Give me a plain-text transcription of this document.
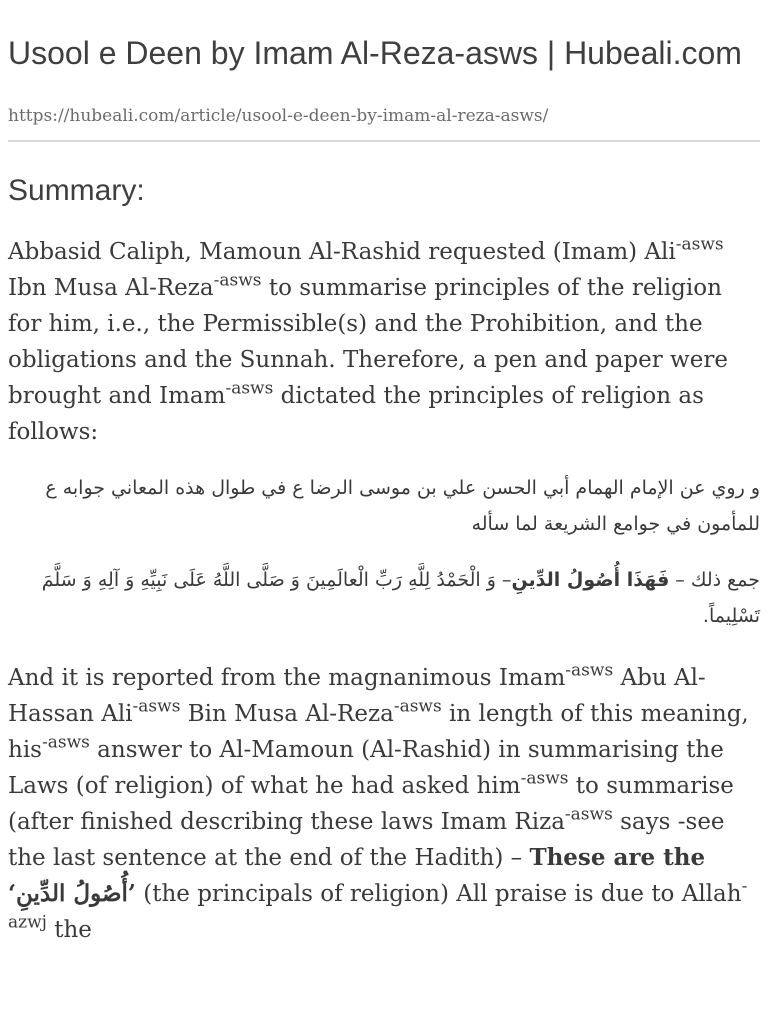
Usool e Deen by Imam Al-Reza-asws | Hubeali.com
https://hubeali.com/article/usool-e-deen-by-imam-al-reza-asws/
Summary:

Abbasid Caliph, Mamoun Al-Rashid requested (Imam) Ali$^{-asws}$ Ibn Musa Al-Reza$^{-asws}$ to summarise principles of the religion for him, i.e., the Permissible(s) and the Prohibition, and the obligations and the Sunnah. Therefore, a pen and paper were brought and Imam$^{-asws}$ dictated the principles of religion as follows:

و روي عن الإمام الهمام أبي الحسن علي بن موسى الرضا ع في طوال هذه المعاني جوابه ع للمأمون في جوامع الشريعة لما سأله

جمع ذلك – فَهَذَا أُصُولُ الدِّينِ– وَ الْحَمْدُ لِلَّهِ رَبِّ الْعالَمِينَ وَ صَلَّى اللَّهُ عَلَى نَبِيِّهِ وَ آلِهِ وَ سَلَّمَ تَسْلِيماً.

And it is reported from the magnanimous Imam$^{-asws}$ Abu Al-Hassan Ali$^{-asws}$ Bin Musa Al-Reza$^{-asws}$ in length of this meaning, his$^{-asws}$ answer to Al-Mamoun (Al-Rashid) in summarising the Laws (of religion) of what he had asked him$^{-asws}$ to summarise (after finished describing these laws Imam Riza$^{-asws}$ says -see the last sentence at the end of the Hadith) – These are the ‘أُصُولُ الدِّينِ’ (the principals of religion) All praise is due to Allah$^{-azwj}$ the
